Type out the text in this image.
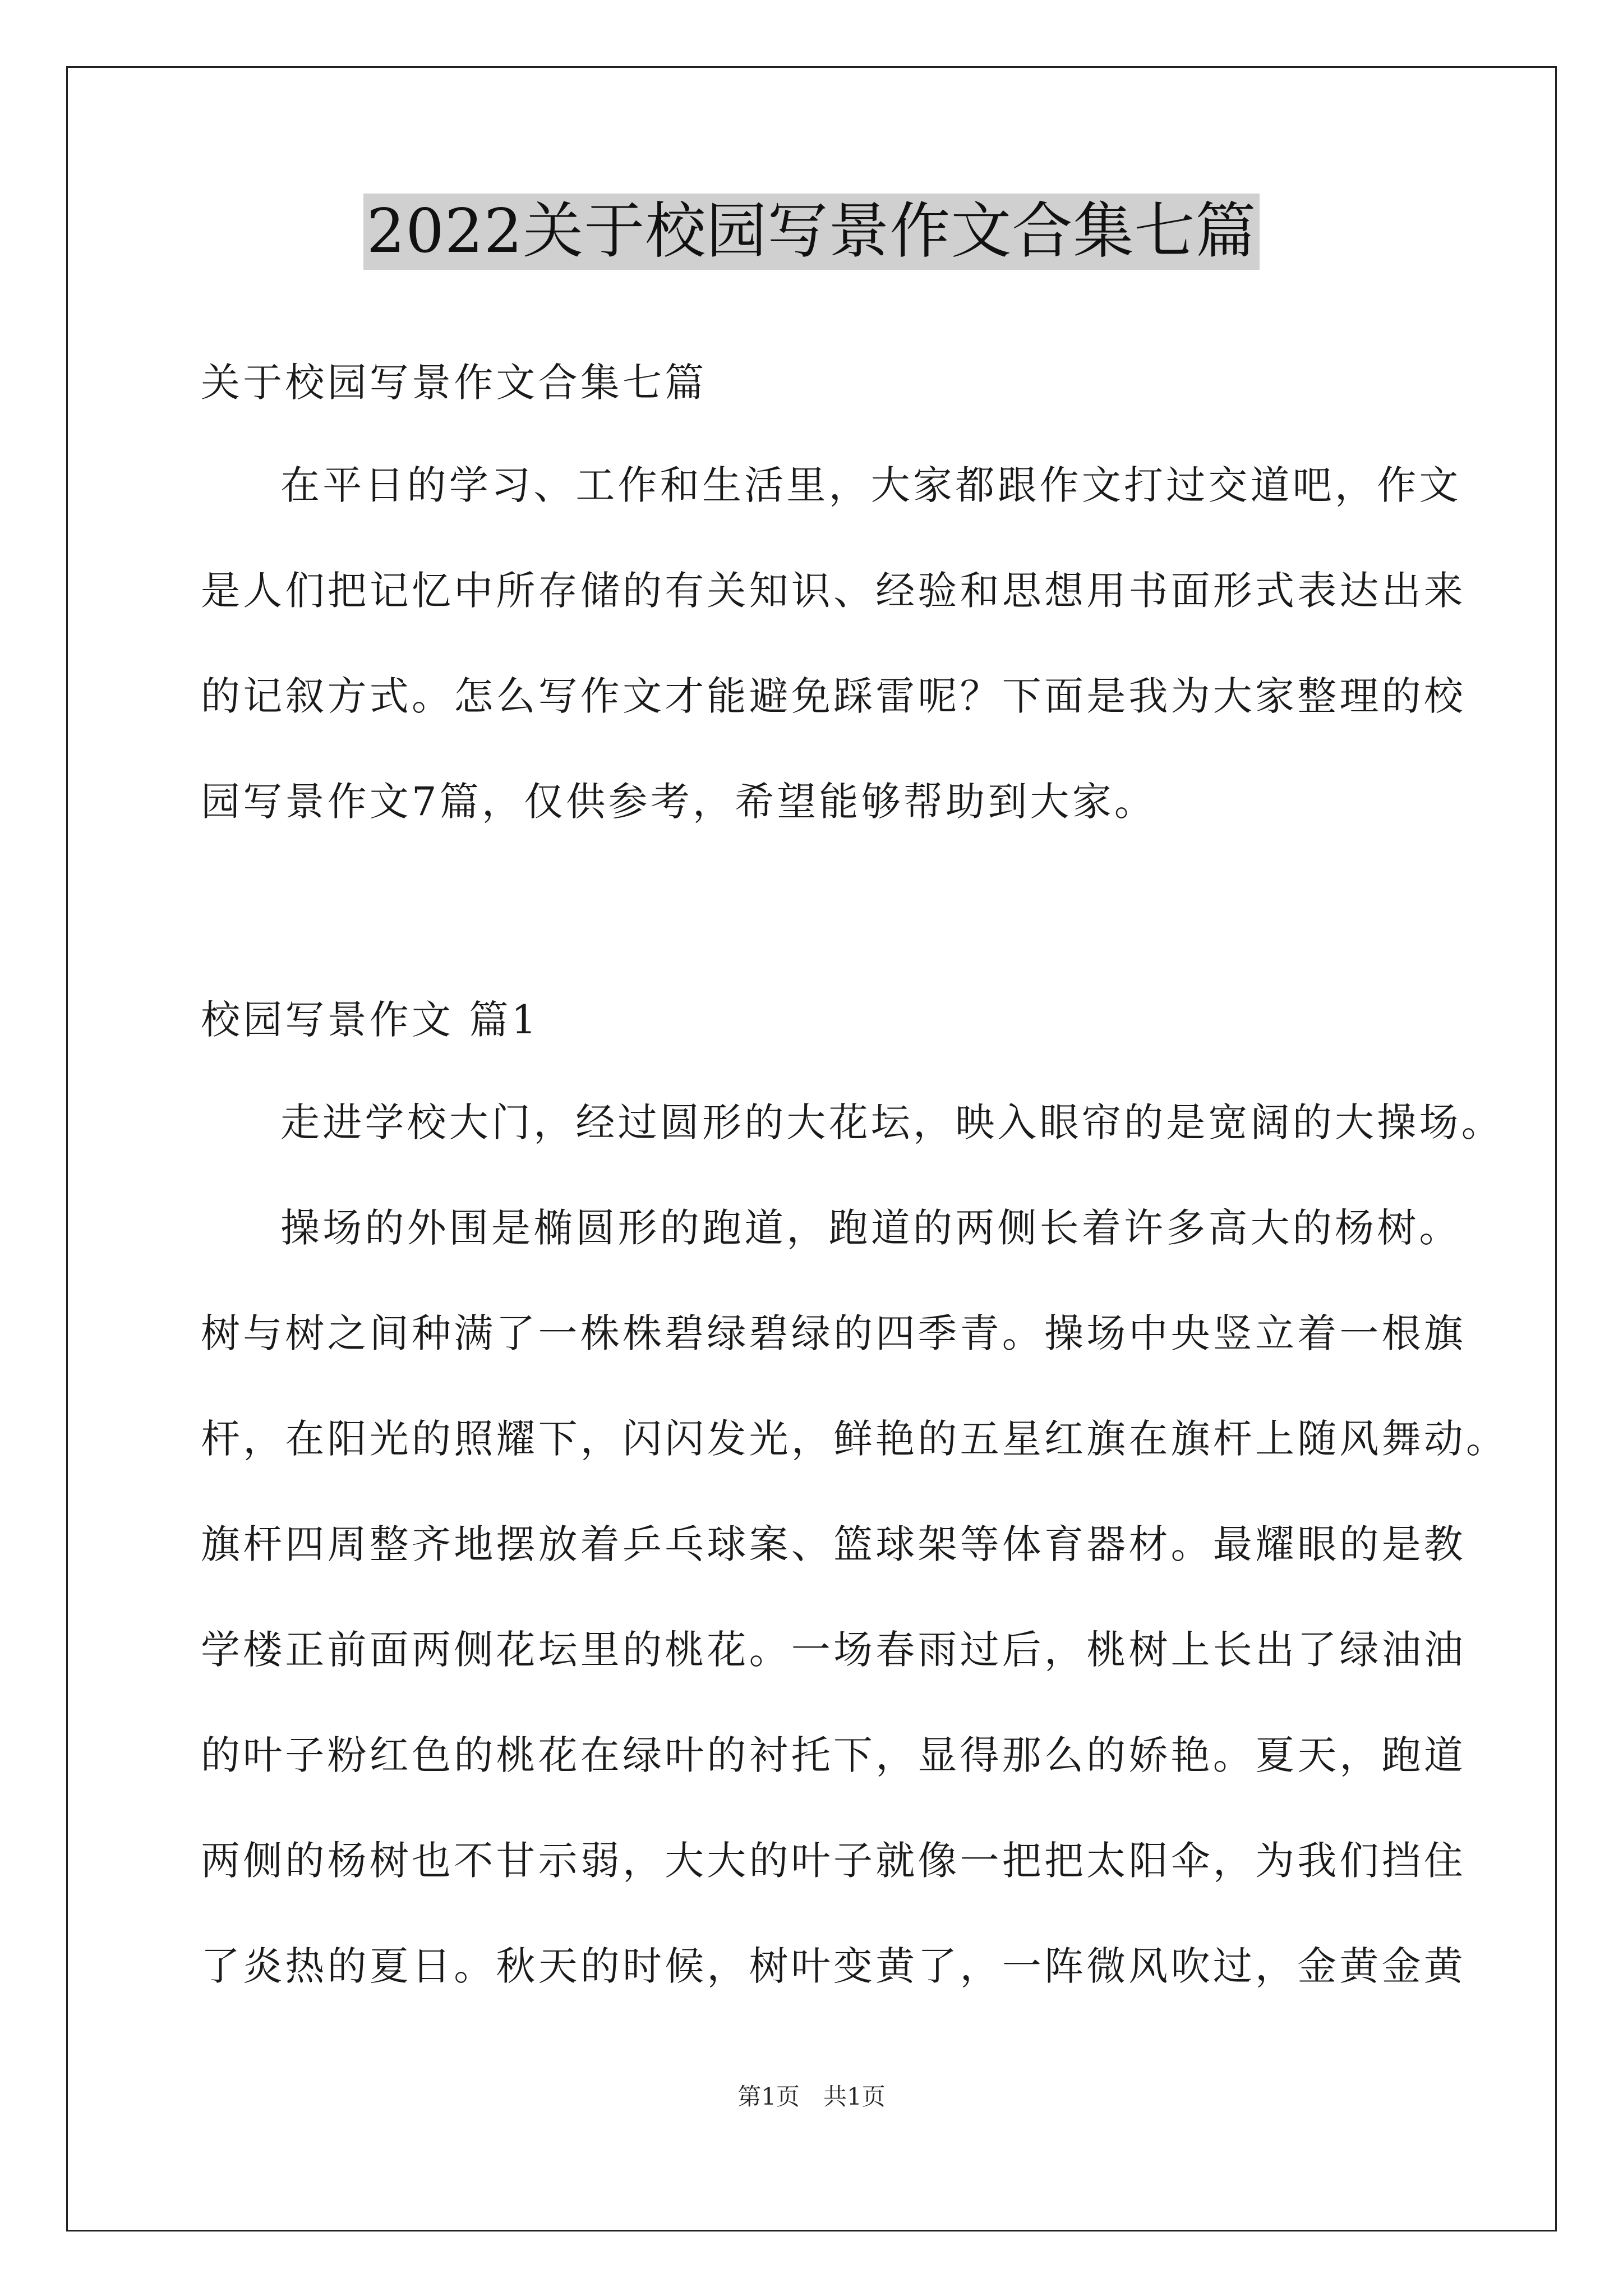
2022关于校园写景作文合集七篇
关于校园写景作文合集七篇
在平日的学习、工作和生活里，大家都跟作文打过交道吧，作文
是人们把记忆中所存储的有关知识、经验和思想用书面形式表达出来
的记叙方式。怎么写作文才能避免踩雷呢？下面是我为大家整理的校
园写景作文7篇，仅供参考，希望能够帮助到大家。
校园写景作文 篇1
走进学校大门，经过圆形的大花坛，映入眼帘的是宽阔的大操场。
操场的外围是椭圆形的跑道，跑道的两侧长着许多高大的杨树。
树与树之间种满了一株株碧绿碧绿的四季青。操场中央竖立着一根旗
杆，在阳光的照耀下，闪闪发光，鲜艳的五星红旗在旗杆上随风舞动。
旗杆四周整齐地摆放着乒乓球案、篮球架等体育器材。最耀眼的是教
学楼正前面两侧花坛里的桃花。一场春雨过后，桃树上长出了绿油油
的叶子粉红色的桃花在绿叶的衬托下，显得那么的娇艳。夏天，跑道
两侧的杨树也不甘示弱，大大的叶子就像一把把太阳伞，为我们挡住
了炎热的夏日。秋天的时候，树叶变黄了，一阵微风吹过，金黄金黄
第1页　共1页
